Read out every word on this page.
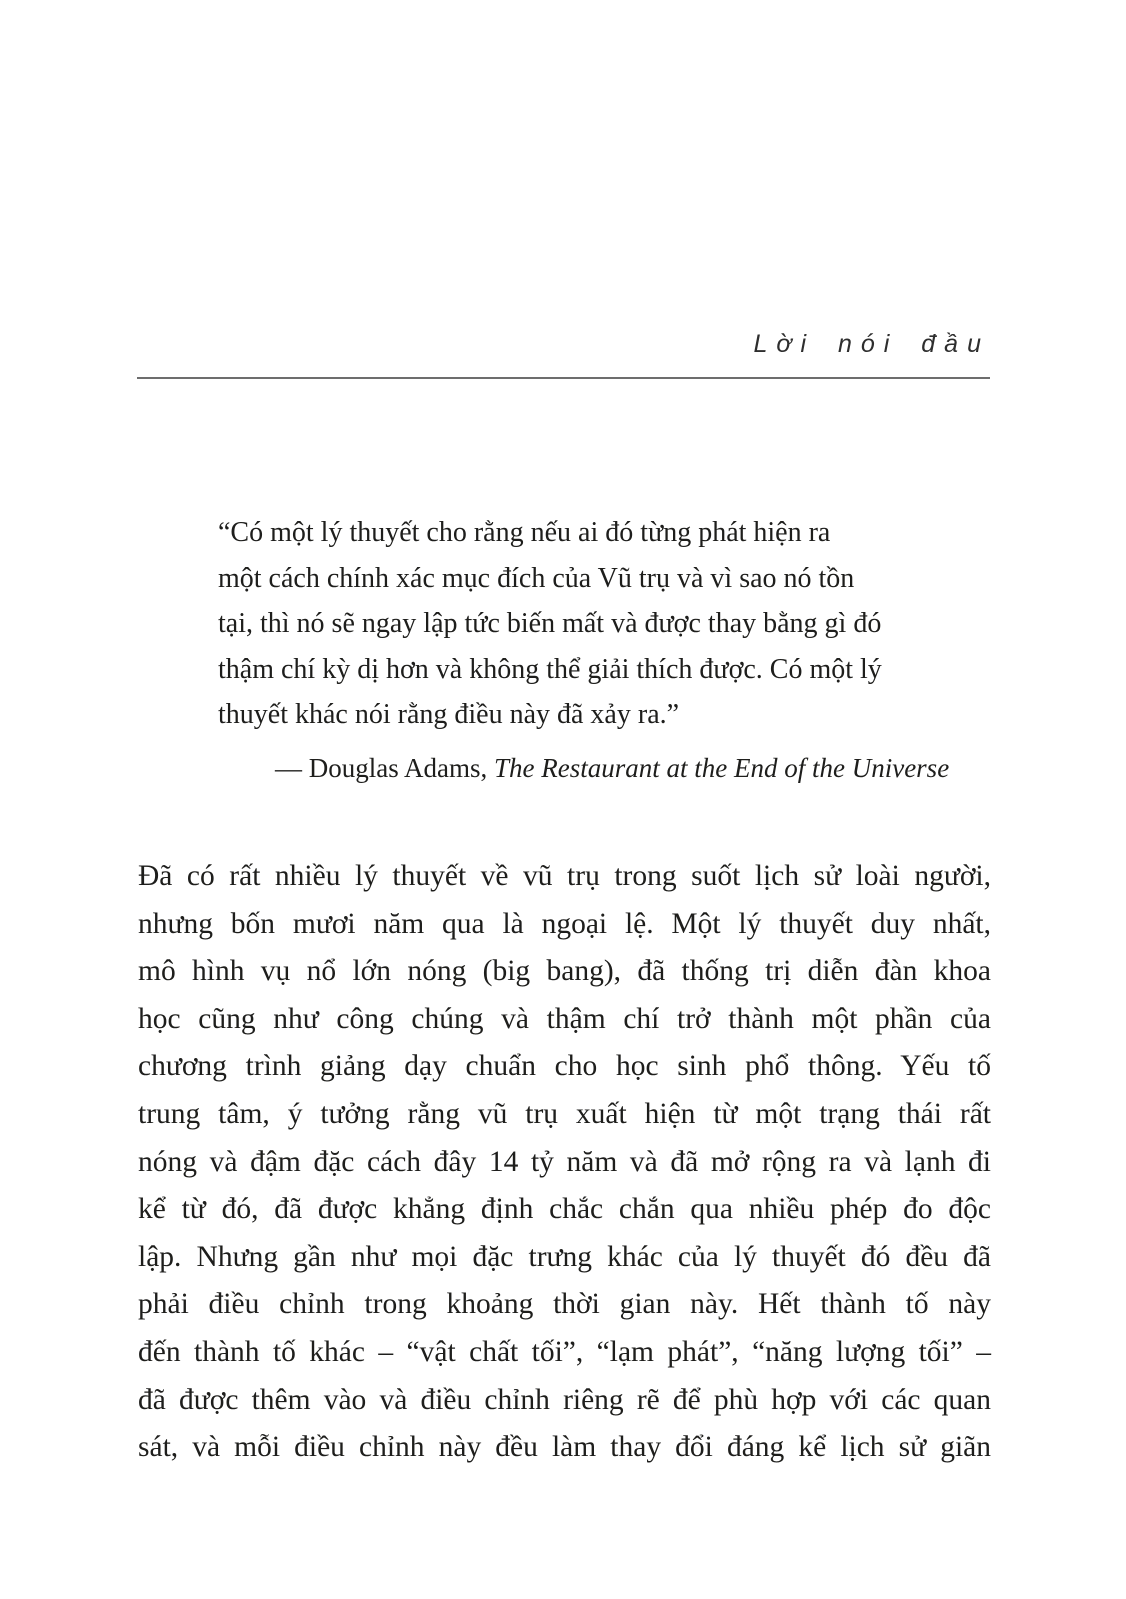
Lời nói đầu
“Có một lý thuyết cho rằng nếu ai đó từng phát hiện ra
một cách chính xác mục đích của Vũ trụ và vì sao nó tồn
tại, thì nó sẽ ngay lập tức biến mất và được thay bằng gì đó
thậm chí kỳ dị hơn và không thể giải thích được. Có một lý
thuyết khác nói rằng điều này đã xảy ra.”
— Douglas Adams, The Restaurant at the End of the Universe
Đã có rất nhiều lý thuyết về vũ trụ trong suốt lịch sử loài người,
nhưng bốn mươi năm qua là ngoại lệ. Một lý thuyết duy nhất,
mô hình vụ nổ lớn nóng (big bang), đã thống trị diễn đàn khoa
học cũng như công chúng và thậm chí trở thành một phần của
chương trình giảng dạy chuẩn cho học sinh phổ thông. Yếu tố
trung tâm, ý tưởng rằng vũ trụ xuất hiện từ một trạng thái rất
nóng và đậm đặc cách đây 14 tỷ năm và đã mở rộng ra và lạnh đi
kể từ đó, đã được khẳng định chắc chắn qua nhiều phép đo độc
lập. Nhưng gần như mọi đặc trưng khác của lý thuyết đó đều đã
phải điều chỉnh trong khoảng thời gian này. Hết thành tố này
đến thành tố khác – “vật chất tối”, “lạm phát”, “năng lượng tối” –
đã được thêm vào và điều chỉnh riêng rẽ để phù hợp với các quan
sát, và mỗi điều chỉnh này đều làm thay đổi đáng kể lịch sử giãn
